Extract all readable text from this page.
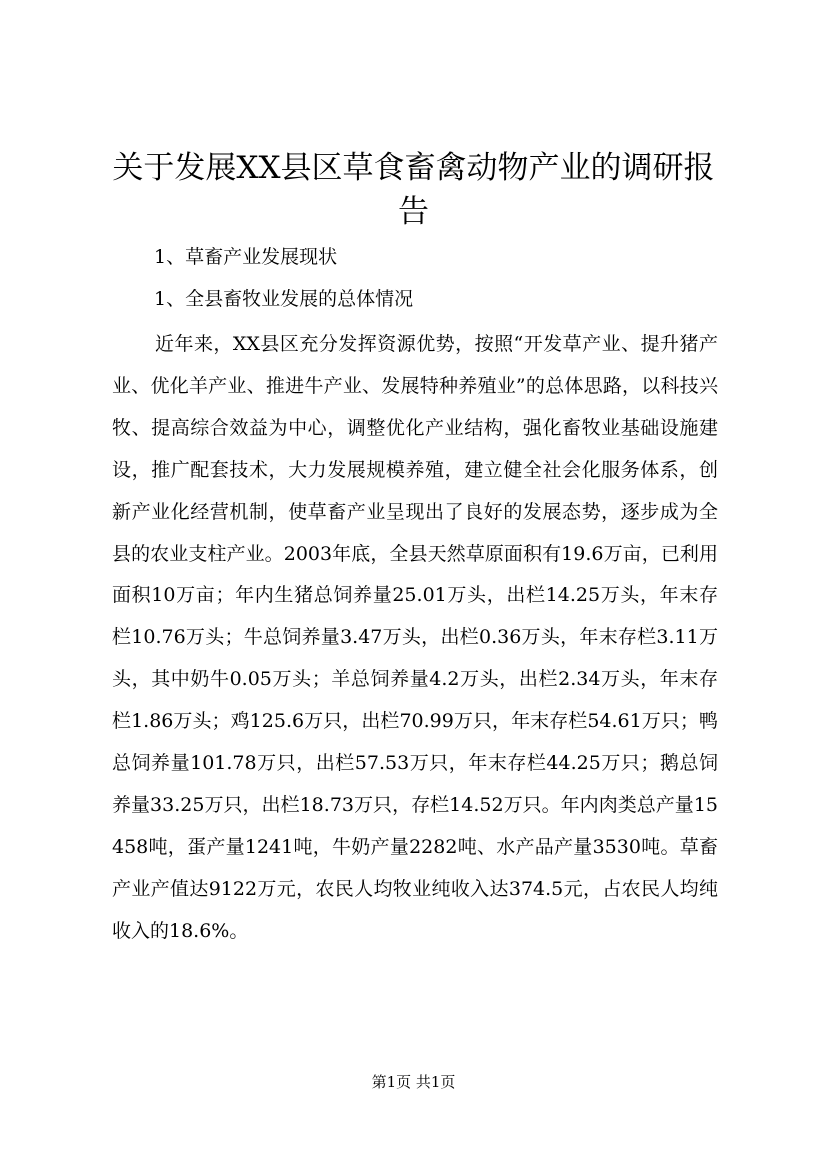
关于发展XX县区草食畜禽动物产业的调研报告

1、草畜产业发展现状

1、全县畜牧业发展的总体情况

近年来，XX县区充分发挥资源优势，按照“开发草产业、提升猪产业、优化羊产业、推进牛产业、发展特种养殖业”的总体思路，以科技兴牧、提高综合效益为中心，调整优化产业结构，强化畜牧业基础设施建设，推广配套技术，大力发展规模养殖，建立健全社会化服务体系，创新产业化经营机制，使草畜产业呈现出了良好的发展态势，逐步成为全县的农业支柱产业。2003年底，全县天然草原面积有19.6万亩，已利用面积10万亩；年内生猪总饲养量25.01万头，出栏14.25万头，年末存栏10.76万头；牛总饲养量3.47万头，出栏0.36万头，年末存栏3.11万头，其中奶牛0.05万头；羊总饲养量4.2万头，出栏2.34万头，年末存栏1.86万头；鸡125.6万只，出栏70.99万只，年末存栏54.61万只；鸭总饲养量101.78万只，出栏57.53万只，年末存栏44.25万只；鹅总饲养量33.25万只，出栏18.73万只，存栏14.52万只。年内肉类总产量15458吨，蛋产量1241吨，牛奶产量2282吨、水产品产量3530吨。草畜产业产值达9122万元，农民人均牧业纯收入达374.5元，占农民人均纯收入的18.6%。

第1页 共1页
